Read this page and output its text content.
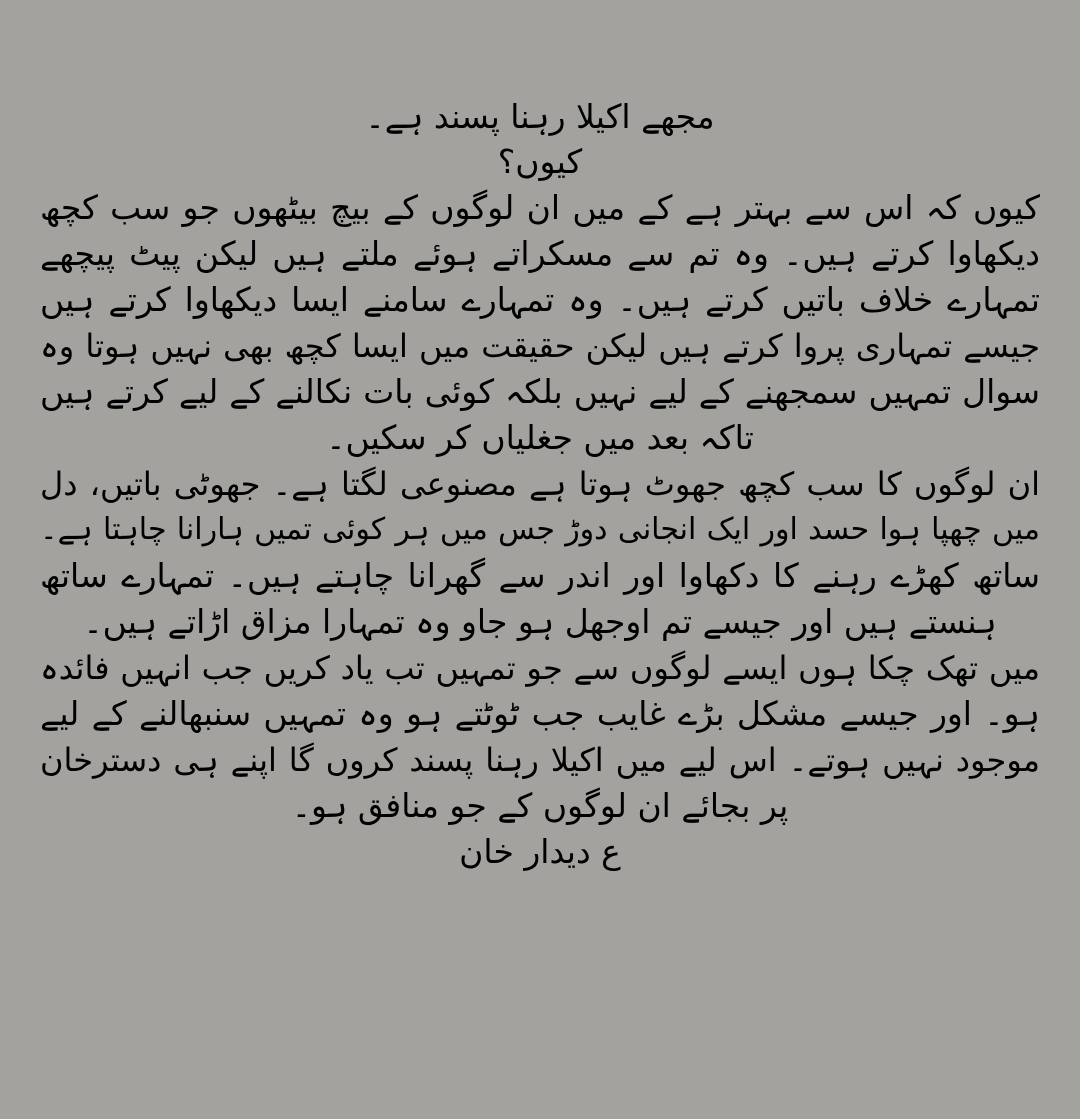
مجھے اکیلا رہنا پسند ہے۔
کیوں؟
کیوں کہ اس سے بہتر ہے کے میں ان لوگوں کے بیچ بیٹھوں جو سب کچھ
دیکھاوا کرتے ہیں۔ وہ تم سے مسکراتے ہوئے ملتے ہیں لیکن پیٹ پیچھے
تمہارے خلاف باتیں کرتے ہیں۔ وہ تمہارے سامنے ایسا دیکھاوا کرتے ہیں
جیسے تمہاری پروا کرتے ہیں لیکن حقیقت میں ایسا کچھ بھی نہیں ہوتا وہ
سوال تمہیں سمجھنے کے لیے نہیں بلکہ کوئی بات نکالنے کے لیے کرتے ہیں
تاکہ بعد میں جغلیاں کر سکیں۔
ان لوگوں کا سب کچھ جھوٹ ہوتا ہے مصنوعی لگتا ہے۔ جھوٹی باتیں، دل
میں چھپا ہوا حسد اور ایک انجانی دوڑ جس میں ہر کوئی تمیں ہارانا چاہتا ہے۔
ساتھ کھڑے رہنے کا دکھاوا اور اندر سے گھرانا چاہتے ہیں۔ تمہارے ساتھ
ہنستے ہیں اور جیسے تم اوجھل ہو جاو وہ تمہارا مزاق اڑاتے ہیں۔
میں تھک چکا ہوں ایسے لوگوں سے جو تمہیں تب یاد کریں جب انہیں فائدہ
ہو۔ اور جیسے مشکل بڑے غایب جب ٹوٹتے ہو وہ تمہیں سنبھالنے کے لیے
موجود نہیں ہوتے۔ اس لیے میں اکیلا رہنا پسند کروں گا اپنے ہی دسترخان
پر بجائے ان لوگوں کے جو منافق ہو۔
ع دیدار خان
